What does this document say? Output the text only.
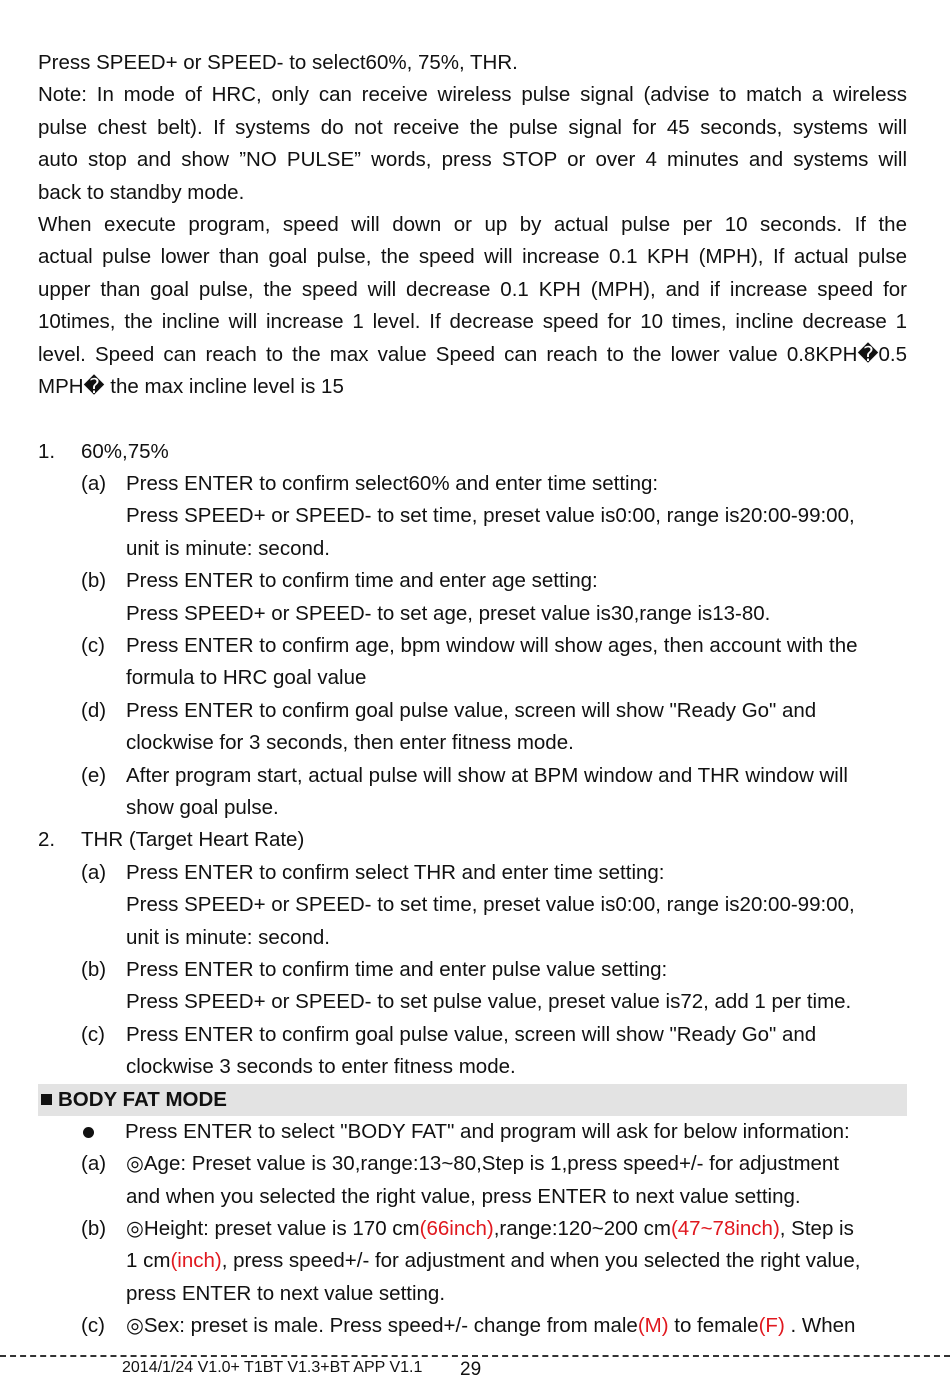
Press SPEED+ or SPEED- to select60%, 75%, THR.
Note: In mode of HRC, only can receive wireless pulse signal (advise to match a wireless
pulse chest belt). If systems do not receive the pulse signal for 45 seconds, systems will
auto stop and show ”NO PULSE” words, press STOP or over 4 minutes and systems will
back to standby mode.
When execute program, speed will down or up by actual pulse per 10 seconds. If the
actual pulse lower than goal pulse, the speed will increase 0.1 KPH (MPH), If actual pulse
upper than goal pulse, the speed will decrease 0.1 KPH (MPH), and if increase speed for
10times, the incline will increase 1 level. If decrease speed for 10 times, incline decrease 1
level. Speed can reach to the max value Speed can reach to the lower value 0.8KPH�0.5
MPH� the max incline level is 15
1. 60%,75%
(a) Press ENTER to confirm select60% and enter time setting:
Press SPEED+ or SPEED- to set time, preset value is0:00, range is20:00-99:00,
unit is minute: second.
(b) Press ENTER to confirm time and enter age setting:
Press SPEED+ or SPEED- to set age, preset value is30,range is13-80.
(c) Press ENTER to confirm age, bpm window will show ages, then account with the
formula to HRC goal value
(d) Press ENTER to confirm goal pulse value, screen will show "Ready Go" and
clockwise for 3 seconds, then enter fitness mode.
(e) After program start, actual pulse will show at BPM window and THR window will
show goal pulse.
2. THR (Target Heart Rate)
(a) Press ENTER to confirm select THR and enter time setting:
Press SPEED+ or SPEED- to set time, preset value is0:00, range is20:00-99:00,
unit is minute: second.
(b) Press ENTER to confirm time and enter pulse value setting:
Press SPEED+ or SPEED- to set pulse value, preset value is72, add 1 per time.
(c) Press ENTER to confirm goal pulse value, screen will show "Ready Go" and
clockwise 3 seconds to enter fitness mode.
BODY FAT MODE
Press ENTER to select "BODY FAT" and program will ask for below information:
(a) ◎Age: Preset value is 30,range:13~80,Step is 1,press speed+/- for adjustment
and when you selected the right value, press ENTER to next value setting.
(b) ◎Height: preset value is 170 cm(66inch),range:120~200 cm(47~78inch), Step is
1 cm(inch), press speed+/- for adjustment and when you selected the right value,
press ENTER to next value setting.
(c) ◎Sex: preset is male. Press speed+/- change from male(M) to female(F) . When
2014/1/24 V1.0+ T1BT V1.3+BT APP V1.1 29
